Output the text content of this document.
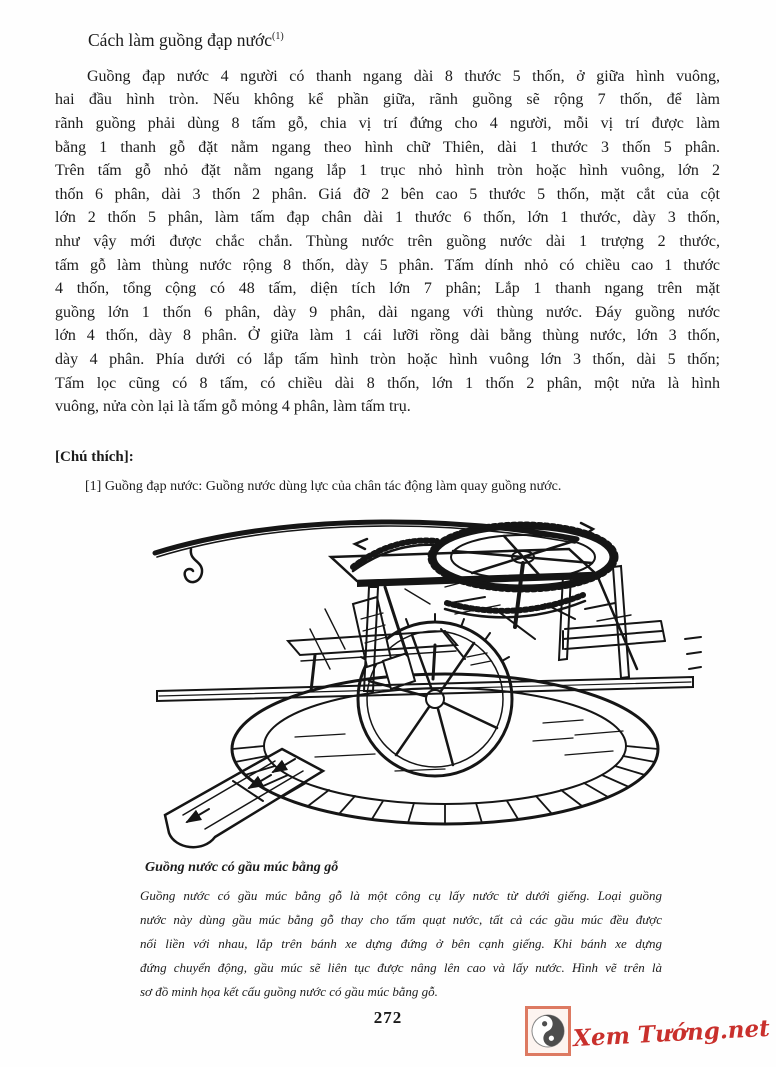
Cách làm guồng đạp nước$^{(1)}$
Guồng đạp nước 4 người có thanh ngang dài 8 thước 5 thốn, ở giữa hình vuông,
hai đầu hình tròn. Nếu không kể phần giữa, rãnh guồng sẽ rộng 7 thốn, để làm
rãnh guồng phải dùng 8 tấm gỗ, chia vị trí đứng cho 4 người, mỗi vị trí được làm
bằng 1 thanh gỗ đặt nằm ngang theo hình chữ Thiên, dài 1 thước 3 thốn 5 phân.
Trên tấm gỗ nhỏ đặt nằm ngang lắp 1 trục nhỏ hình tròn hoặc hình vuông, lớn 2
thốn 6 phân, dài 3 thốn 2 phân. Giá đỡ 2 bên cao 5 thước 5 thốn, mặt cắt của cột
lớn 2 thốn 5 phân, làm tấm đạp chân dài 1 thước 6 thốn, lớn 1 thước, dày 3 thốn,
như vậy mới được chắc chắn. Thùng nước trên guồng nước dài 1 trượng 2 thước,
tấm gỗ làm thùng nước rộng 8 thốn, dày 5 phân. Tấm dính nhỏ có chiều cao 1 thước
4 thốn, tổng cộng có 48 tấm, diện tích lớn 7 phân; Lắp 1 thanh ngang trên mặt
guồng lớn 1 thốn 6 phân, dày 9 phân, dài ngang với thùng nước. Đáy guồng nước
lớn 4 thốn, dày 8 phân. Ở giữa làm 1 cái lưỡi rồng dài bằng thùng nước, lớn 3 thốn,
dày 4 phân. Phía dưới có lắp tấm hình tròn hoặc hình vuông lớn 3 thốn, dài 5 thốn;
Tấm lọc cũng có 8 tấm, có chiều dài 8 thốn, lớn 1 thốn 2 phân, một nửa là hình
vuông, nửa còn lại là tấm gỗ mỏng 4 phân, làm tấm trụ.
[Chú thích]:
[1] Guồng đạp nước: Guồng nước dùng lực của chân tác động làm quay guồng nước.
Guồng nước có gầu múc bằng gỗ
Guồng nước có gầu múc bằng gỗ là một công cụ lấy nước từ dưới giếng. Loại guồng
nước này dùng gầu múc bằng gỗ thay cho tấm quạt nước, tất cả các gầu múc đều được
nối liền với nhau, lắp trên bánh xe dựng đứng ở bên cạnh giếng. Khi bánh xe dựng
đứng chuyển động, gầu múc sẽ liên tục được nâng lên cao và lấy nước. Hình vẽ trên là
sơ đồ minh họa kết cấu guồng nước có gầu múc bằng gỗ.
272	Xem Tướng.net
